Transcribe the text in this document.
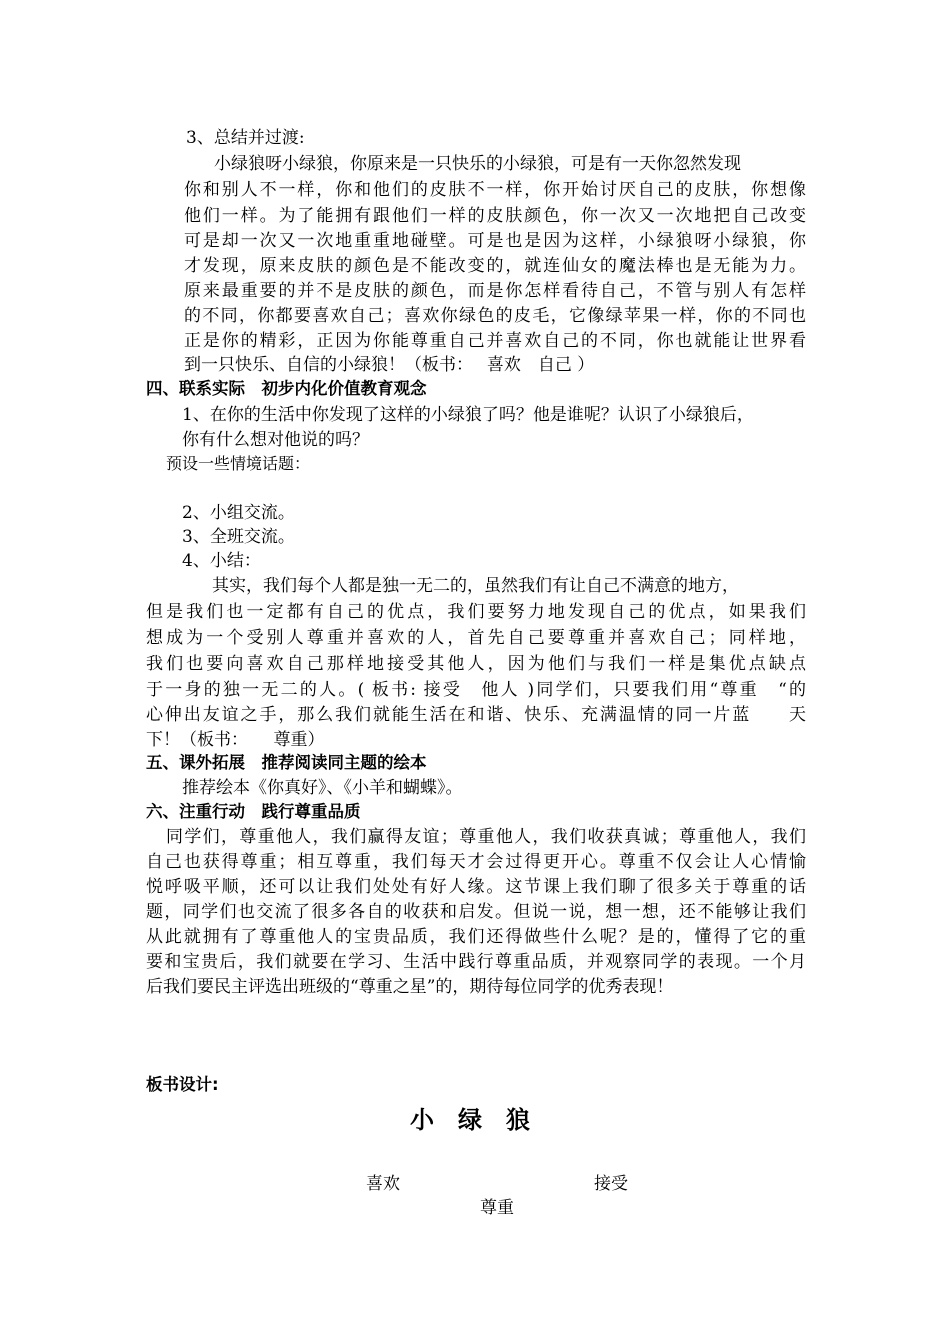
3、总结并过渡:
小绿狼呀小绿狼，你原来是一只快乐的小绿狼，可是有一天你忽然发现
你和别人不一样，你和他们的皮肤不一样，你开始讨厌自己的皮肤，你想像
他们一样。为了能拥有跟他们一样的皮肤颜色，你一次又一次地把自己改变
可是却一次又一次地重重地碰壁。可是也是因为这样，小绿狼呀小绿狼，你
才发现，原来皮肤的颜色是不能改变的，就连仙女的魔法棒也是无能为力。
原来最重要的并不是皮肤的颜色，而是你怎样看待自己，不管与别人有怎样
的不同，你都要喜欢自己；喜欢你绿色的皮毛，它像绿苹果一样，你的不同也
正是你的精彩，正因为你能尊重自己并喜欢自己的不同，你也就能让世界看
到一只快乐、自信的小绿狼！（板书：　 喜欢　自己 ）
四、联系实际　初步内化价值教育观念
1、在你的生活中你发现了这样的小绿狼了吗？他是谁呢？认识了小绿狼后，
你有什么想对他说的吗？
预设一些情境话题：
2、小组交流。
3、全班交流。
4、小结：
其实，我们每个人都是独一无二的，虽然我们有让自己不满意的地方，
但是我们也一定都有自己的优点，我们要努力地发现自己的优点，如果我们
想成为一个受别人尊重并喜欢的人，首先自己要尊重并喜欢自己；同样地，
我们也要向喜欢自己那样地接受其他人，因为他们与我们一样是集优点缺点
于一身的独一无二的人。( 板书: 接受　他人 )同学们，只要我们用“尊重　“的
心伸出友谊之手，那么我们就能生活在和谐、快乐、充满温情的同一片蓝　　天
下！（板书：　　尊重）
五、课外拓展　推荐阅读同主题的绘本
推荐绘本《你真好》、《小羊和蝴蝶》。
六、注重行动　践行尊重品质
同学们，尊重他人，我们赢得友谊；尊重他人，我们收获真诚；尊重他人，我们
自己也获得尊重；相互尊重，我们每天才会过得更开心。尊重不仅会让人心情愉
悦呼吸平顺，还可以让我们处处有好人缘。这节课上我们聊了很多关于尊重的话
题，同学们也交流了很多各自的收获和启发。但说一说，想一想，还不能够让我们
从此就拥有了尊重他人的宝贵品质，我们还得做些什么呢？是的，懂得了它的重
要和宝贵后，我们就要在学习、生活中践行尊重品质，并观察同学的表现。一个月
后我们要民主评选出班级的“尊重之星”的，期待每位同学的优秀表现！
板书设计:
小　绿　狼
喜欢	接受
尊重
